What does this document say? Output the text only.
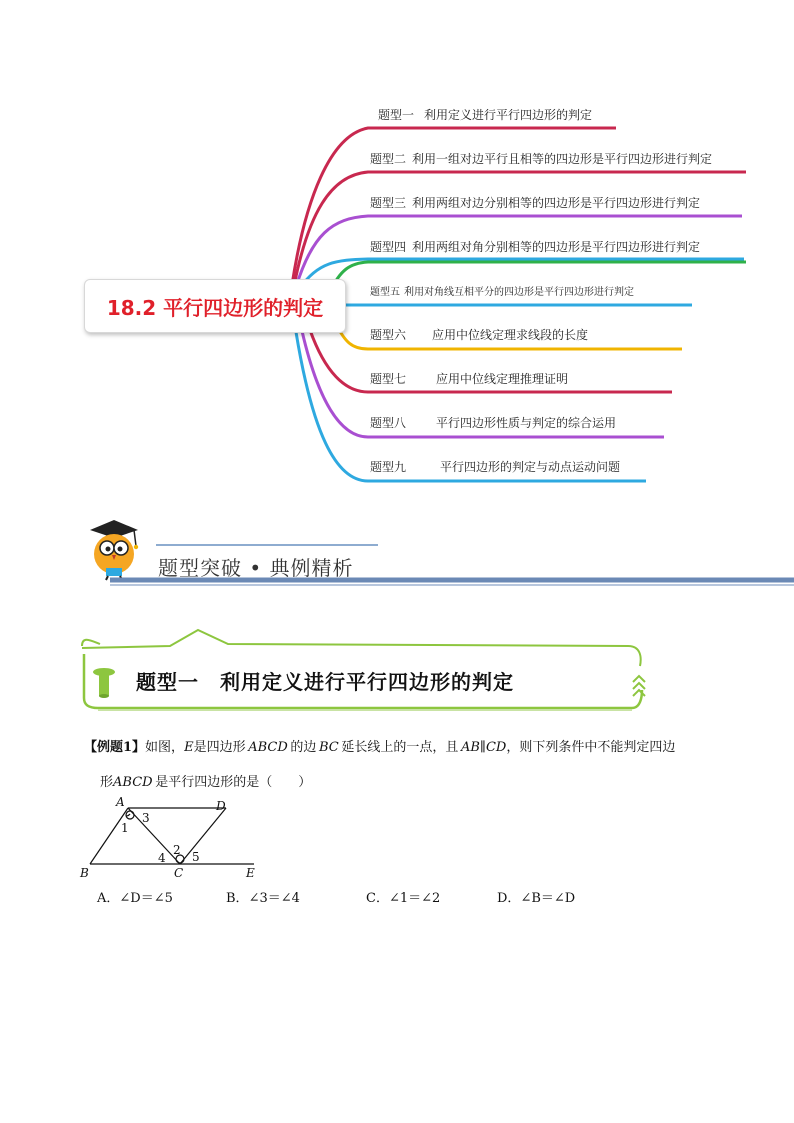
18.2 平行四边形的判定
题型一 利用定义进行平行四边形的判定
题型二 利用一组对边平行且相等的四边形是平行四边形进行判定
题型三 利用两组对边分别相等的四边形是平行四边形进行判定
题型四 利用两组对角分别相等的四边形是平行四边形进行判定
题型五 利用对角线互相平分的四边形是平行四边形进行判定
题型六 应用中位线定理求线段的长度
题型七	应用中位线定理推理证明
题型八	平行四边形性质与判定的综合运用
题型九	平行四边形的判定与动点运动问题
题型突破 • 典例精析
题型一　利用定义进行平行四边形的判定
【例题1】如图，E是四边形  ABCD  的边  BC  延长线上的一点，且  AB∥CD，则下列条件中不能判定四边
形ABCD  是平行四边形的是（　　）
A
B	C
D
E
1
2
3
4 5
A．∠D＝∠5	B．∠3＝∠4	C．∠1＝∠2	D．∠B＝∠D
